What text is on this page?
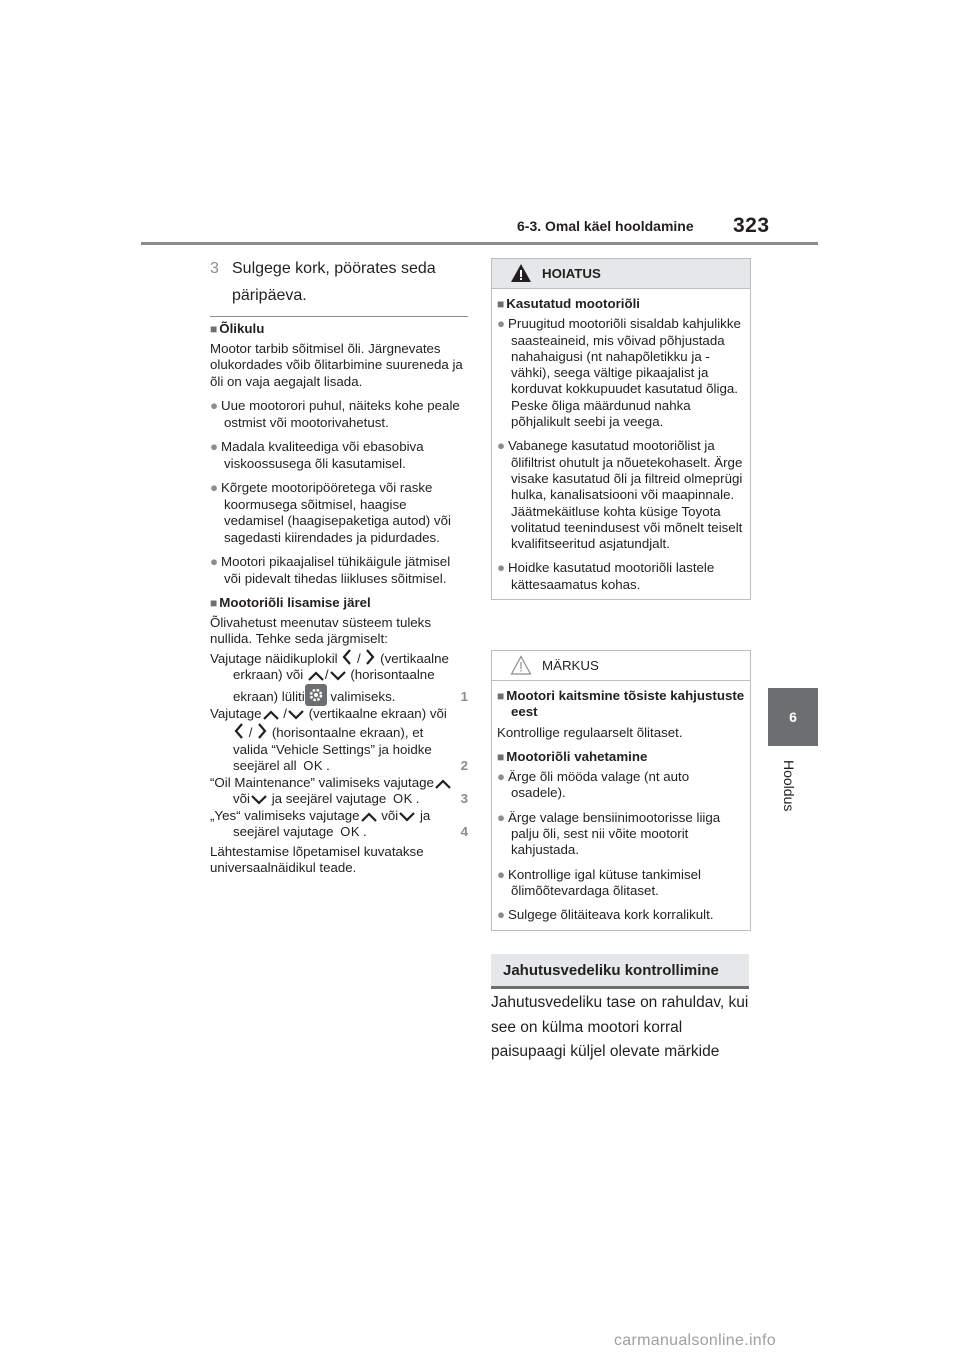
6-3. Omal käel hooldamine 323
6
Hooldus
3 Sulgege kork, pöörates seda
päripäeva.

■ Õlikulu

Mootor tarbib sõitmisel õli. Järgnevates olukordades võib õlitarbimine suureneda ja õli on vaja aegajalt lisada.

● Uue mootorori puhul, näiteks kohe peale ostmist või mootorivahetust.

● Madala kvaliteediga või ebasobiva viskoossusega õli kasutamisel.

● Kõrgete mootoripööretega või raske koormusega sõitmisel, haagise vedamisel (haagisepaketiga autod) või sagedasti kiirendades ja pidurdades.

● Mootori pikaajalisel tühikäigule jätmisel või pidevalt tihedas liikluses sõitmisel.

■ Mootoriõli lisamise järel

Õlivahetust meenutav süsteem tuleks nullida. Tehke seda järgmiselt:

Vajutage näidikuplokil / (vertikaalne erkraan) või / (horisontaalne ekraan) lüliti valimiseks.	1

Vajutage / (vertikaalne ekraan) või  / (horisontaalne ekraan), et valida “Vehicle Settings” ja hoidke seejärel all OK .	2

“Oil Maintenance” valimiseks vajutage või ja seejärel vajutage OK .	3

„Yes“ valimiseks vajutage või ja seejärel vajutage OK .	4

Lähtestamise lõpetamisel kuvatakse universaalnäidikul teade.

HOIATUS

■ Kasutatud mootoriõli

● Pruugitud mootoriõli sisaldab kahjulikke saasteaineid, mis võivad põhjustada nahahaigusi (nt nahapõletikku ja -vähki), seega vältige pikaajalist ja korduvat kokkupuudet kasutatud õliga. Peske õliga määrdunud nahka põhjalikult seebi ja veega.

● Vabanege kasutatud mootoriõlist ja õlifiltrist ohutult ja nõuetekohaselt. Ärge visake kasutatud õli ja filtreid olmeprügi hulka, kanalisatsiooni või maapinnale.

Jäätmekäitluse kohta küsige Toyota volitatud teenindusest või mõnelt teiselt kvalifitseeritud asjatundjalt.

● Hoidke kasutatud mootoriõli lastele kättesaamatus kohas.

MÄRKUS

■ Mootori kaitsmine tõsiste kahjustuste eest

Kontrollige regulaarselt õlitaset.

■ Mootoriõli vahetamine

● Ärge õli mööda valage (nt auto osadele).

● Ärge valage bensiinimootorisse liiga palju õli, sest nii võite mootorit kahjustada.

● Kontrollige igal kütuse tankimisel õlimõõtevardaga õlitaset.

● Sulgege õlitäiteava kork korralikult.

Jahutusvedeliku kontrollimine
Jahutusvedeliku tase on rahuldav, kui see on külma mootori korral paisupaagi küljel olevate märkide
carmanualsonline.info
